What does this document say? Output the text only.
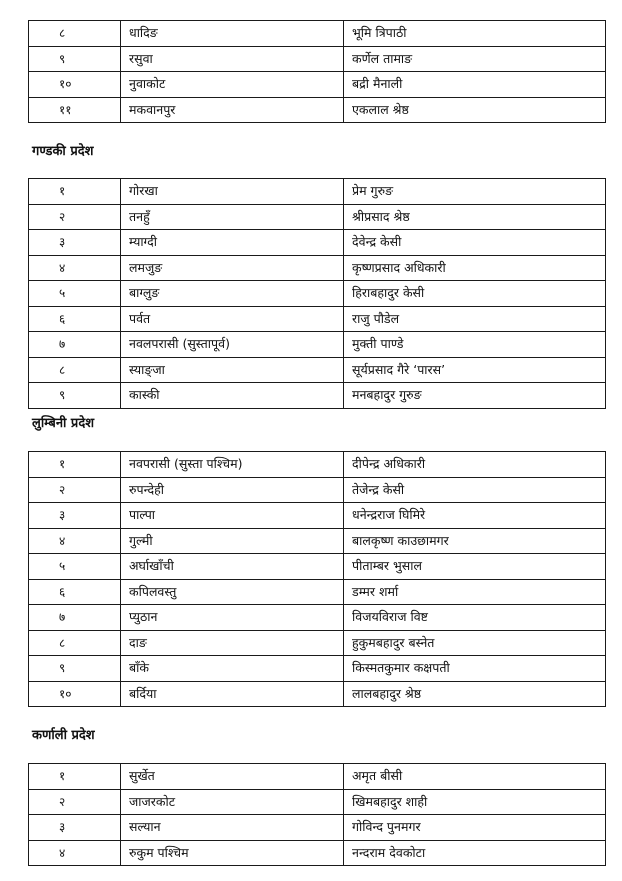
८	धादिङ	भूमि त्रिपाठी
९	रसुवा	कर्णेल तामाङ
१०	नुवाकोट	बद्री मैनाली
११	मकवानपुर	एकलाल श्रेष्ठ
गण्डकी प्रदेश
१	गोरखा	प्रेम गुरुङ
२	तनहुँ	श्रीप्रसाद श्रेष्ठ
३	म्याग्दी	देवेन्द्र केसी
४	लमजुङ	कृष्णप्रसाद अधिकारी
५	बाग्लुङ	हिराबहादुर केसी
६	पर्वत	राजु पौडेल
७	नवलपरासी (सुस्तापूर्व)	मुक्ती पाण्डे
८	स्याङ्जा	सूर्यप्रसाद गैरे ‘पारस’
९	कास्की	मनबहादुर गुरुङ
लुम्बिनी प्रदेश
१	नवपरासी (सुस्ता पश्चिम)	दीपेन्द्र अधिकारी
२	रुपन्देही	तेजेन्द्र केसी
३	पाल्पा	धनेन्द्रराज घिमिरे
४	गुल्मी	बालकृष्ण काउछामगर
५	अर्घाखाँची	पीताम्बर भुसाल
६	कपिलवस्तु	डम्मर शर्मा
७	प्युठान	विजयविराज विष्ट
८	दाङ	हुकुमबहादुर बस्नेत
९	बाँके	किस्मतकुमार कक्षपती
१०	बर्दिया	लालबहादुर श्रेष्ठ
कर्णाली प्रदेश
१	सुर्खेत	अमृत बीसी
२	जाजरकोट	खिमबहादुर शाही
३	सल्यान	गोविन्द पुनमगर
४	रुकुम पश्चिम	नन्दराम देवकोटा
